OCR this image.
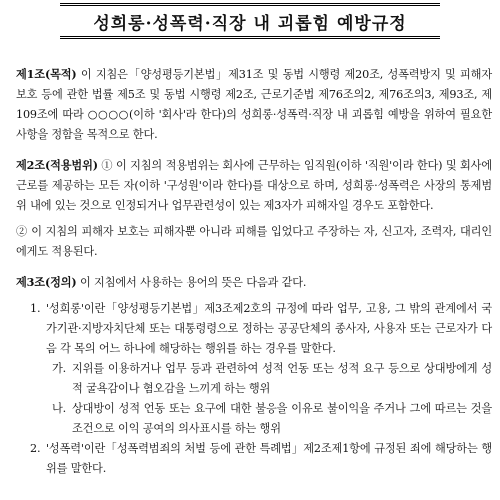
성희롱·성폭력·직장 내 괴롭힘 예방규정

제1조(목적) 이 지침은「양성평등기본법」제31조 및 동법 시행령 제20조, 성폭력방지 및 피해자 보호 등에 관한 법률 제5조 및 동법 시행령 제2조, 근로기준법 제76조의2, 제76조의3, 제93조, 제109조에 따라 ○○○○(이하 '회사'라 한다)의 성희롱·성폭력·직장 내 괴롭힘 예방을 위하여 필요한 사항을 정함을 목적으로 한다.

제2조(적용범위) ① 이 지침의 적용범위는 회사에 근무하는 임직원(이하 '직원'이라 한다) 및 회사에 근로를 제공하는 모든 자(이하 '구성원'이라 한다)를 대상으로 하며, 성희롱·성폭력은 사장의 통제범위 내에 있는 것으로 인정되거나 업무관련성이 있는 제3자가 피해자일 경우도 포함한다.

② 이 지침의 피해자 보호는 피해자뿐 아니라 피해를 입었다고 주장하는 자, 신고자, 조력자, 대리인에게도 적용된다.

제3조(정의) 이 지침에서 사용하는 용어의 뜻은 다음과 같다.

1. '성희롱'이란「양성평등기본법」제3조제2호의 규정에 따라 업무, 고용, 그 밖의 관계에서 국가기관·지방자치단체 또는 대통령령으로 정하는 공공단체의 종사자, 사용자 또는 근로자가 다음 각 목의 어느 하나에 해당하는 행위를 하는 경우를 말한다.

가. 지위를 이용하거나 업무 등과 관련하여 성적 언동 또는 성적 요구 등으로 상대방에게 성적 굴욕감이나 혐오감을 느끼게 하는 행위

나. 상대방이 성적 언동 또는 요구에 대한 불응을 이유로 불이익을 주거나 그에 따르는 것을 조건으로 이익 공여의 의사표시를 하는 행위

2. '성폭력'이란「성폭력범죄의 처벌 등에 관한 특례법」제2조제1항에 규정된 죄에 해당하는 행위를 말한다.
